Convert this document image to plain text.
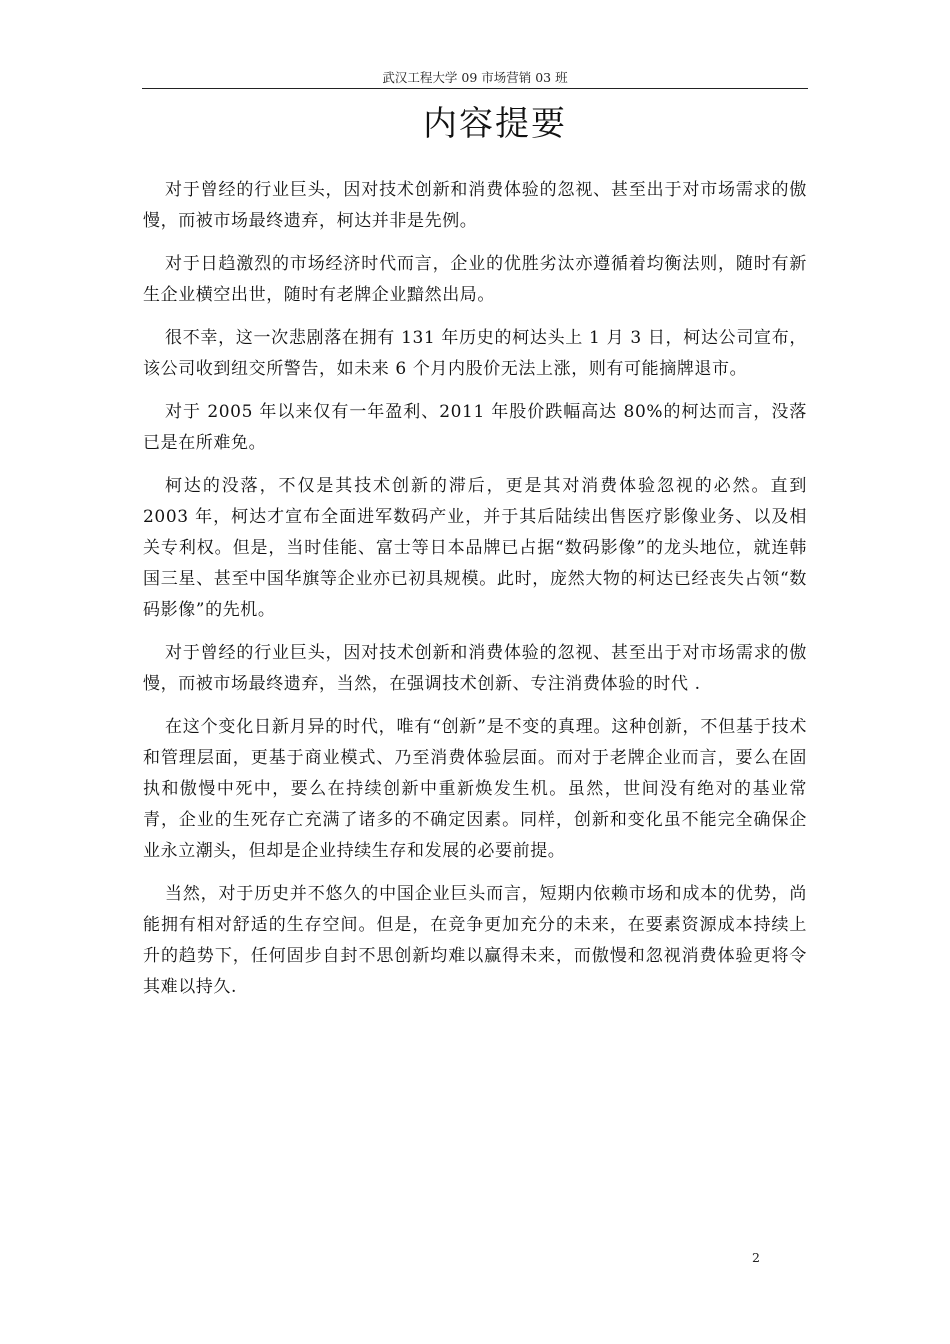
武汉工程大学 09 市场营销 03 班
内容提要

对于曾经的行业巨头，因对技术创新和消费体验的忽视、甚至出于对市场需求的傲慢，而被市场最终遗弃，柯达并非是先例。

对于日趋激烈的市场经济时代而言，企业的优胜劣汰亦遵循着均衡法则，随时有新生企业横空出世，随时有老牌企业黯然出局。

很不幸，这一次悲剧落在拥有 131 年历史的柯达头上 1 月 3 日，柯达公司宣布，该公司收到纽交所警告，如未来 6 个月内股价无法上涨，则有可能摘牌退市。

对于 2005 年以来仅有一年盈利、2011 年股价跌幅高达 80%的柯达而言，没落已是在所难免。

柯达的没落，不仅是其技术创新的滞后，更是其对消费体验忽视的必然。直到 2003 年，柯达才宣布全面进军数码产业，并于其后陆续出售医疗影像业务、以及相关专利权。但是，当时佳能、富士等日本品牌已占据“数码影像”的龙头地位，就连韩国三星、甚至中国华旗等企业亦已初具规模。此时，庞然大物的柯达已经丧失占领“数码影像”的先机。

对于曾经的行业巨头，因对技术创新和消费体验的忽视、甚至出于对市场需求的傲慢，而被市场最终遗弃，当然，在强调技术创新、专注消费体验的时代 .

在这个变化日新月异的时代，唯有“创新”是不变的真理。这种创新，不但基于技术和管理层面，更基于商业模式、乃至消费体验层面。而对于老牌企业而言，要么在固执和傲慢中死中，要么在持续创新中重新焕发生机。虽然，世间没有绝对的基业常青，企业的生死存亡充满了诸多的不确定因素。同样，创新和变化虽不能完全确保企业永立潮头，但却是企业持续生存和发展的必要前提。

当然，对于历史并不悠久的中国企业巨头而言，短期内依赖市场和成本的优势，尚能拥有相对舒适的生存空间。但是，在竞争更加充分的未来，在要素资源成本持续上升的趋势下，任何固步自封不思创新均难以赢得未来，而傲慢和忽视消费体验更将令其难以持久.

2
